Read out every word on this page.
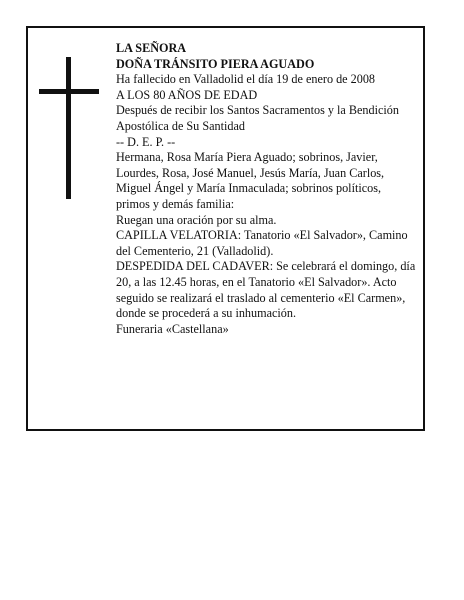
LA SEÑORA

DOÑA TRÁNSITO PIERA AGUADO

Ha fallecido en Valladolid el día 19 de enero de 2008

A LOS 80 AÑOS DE EDAD

Después de recibir los Santos Sacramentos y la Bendición Apostólica de Su Santidad

-- D. E. P. --

Hermana, Rosa María Piera Aguado; sobrinos, Javier, Lourdes, Rosa, José Manuel, Jesús María, Juan Carlos, Miguel Ángel y María Inmaculada; sobrinos políticos, primos y demás familia:

Ruegan una oración por su alma.

CAPILLA VELATORIA: Tanatorio «El Salvador», Camino del Cementerio, 21 (Valladolid).

DESPEDIDA DEL CADAVER: Se celebrará el domingo, día 20, a las 12.45 horas, en el Tanatorio «El Salvador». Acto seguido se realizará el traslado al cementerio «El Carmen», donde se procederá a su inhumación.

Funeraria «Castellana»
